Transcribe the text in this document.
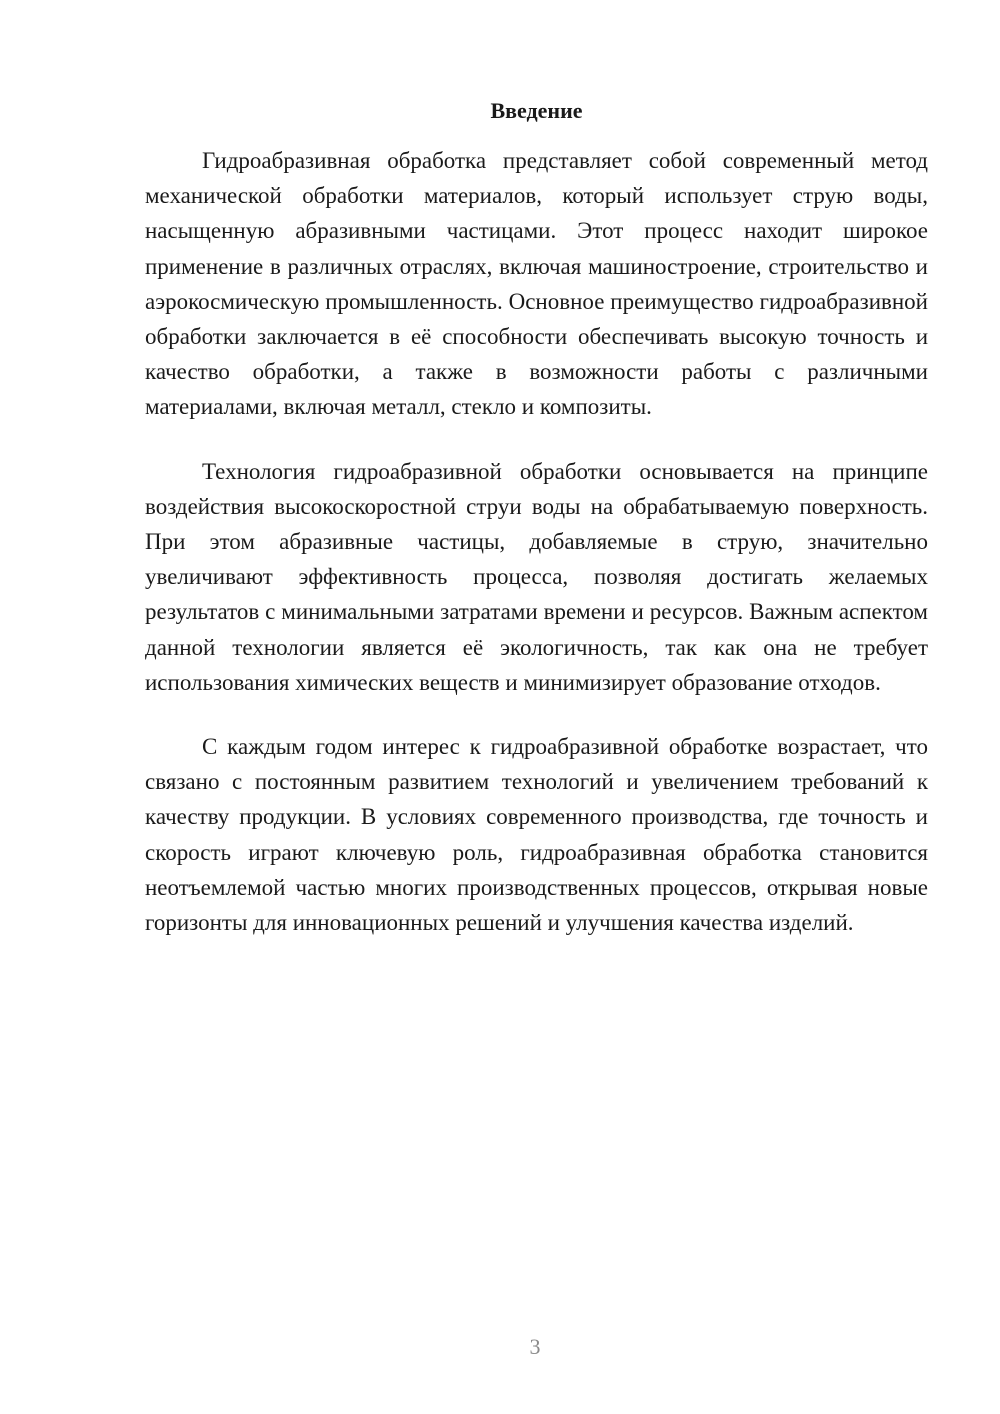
Введение

Гидроабразивная обработка представляет собой современный метод механической обработки материалов, который использует струю воды, насыщенную абразивными частицами. Этот процесс находит широкое применение в различных отраслях, включая машиностроение, строительство и аэрокосмическую промышленность. Основное преимущество гидроабразивной обработки заключается в её способности обеспечивать высокую точность и качество обработки, а также в возможности работы с различными материалами, включая металл, стекло и композиты.

Технология гидроабразивной обработки основывается на принципе воздействия высокоскоростной струи воды на обрабатываемую поверхность. При этом абразивные частицы, добавляемые в струю, значительно увеличивают эффективность процесса, позволяя достигать желаемых результатов с минимальными затратами времени и ресурсов. Важным аспектом данной технологии является её экологичность, так как она не требует использования химических веществ и минимизирует образование отходов.

С каждым годом интерес к гидроабразивной обработке возрастает, что связано с постоянным развитием технологий и увеличением требований к качеству продукции. В условиях современного производства, где точность и скорость играют ключевую роль, гидроабразивная обработка становится неотъемлемой частью многих производственных процессов, открывая новые горизонты для инновационных решений и улучшения качества изделий.

3
